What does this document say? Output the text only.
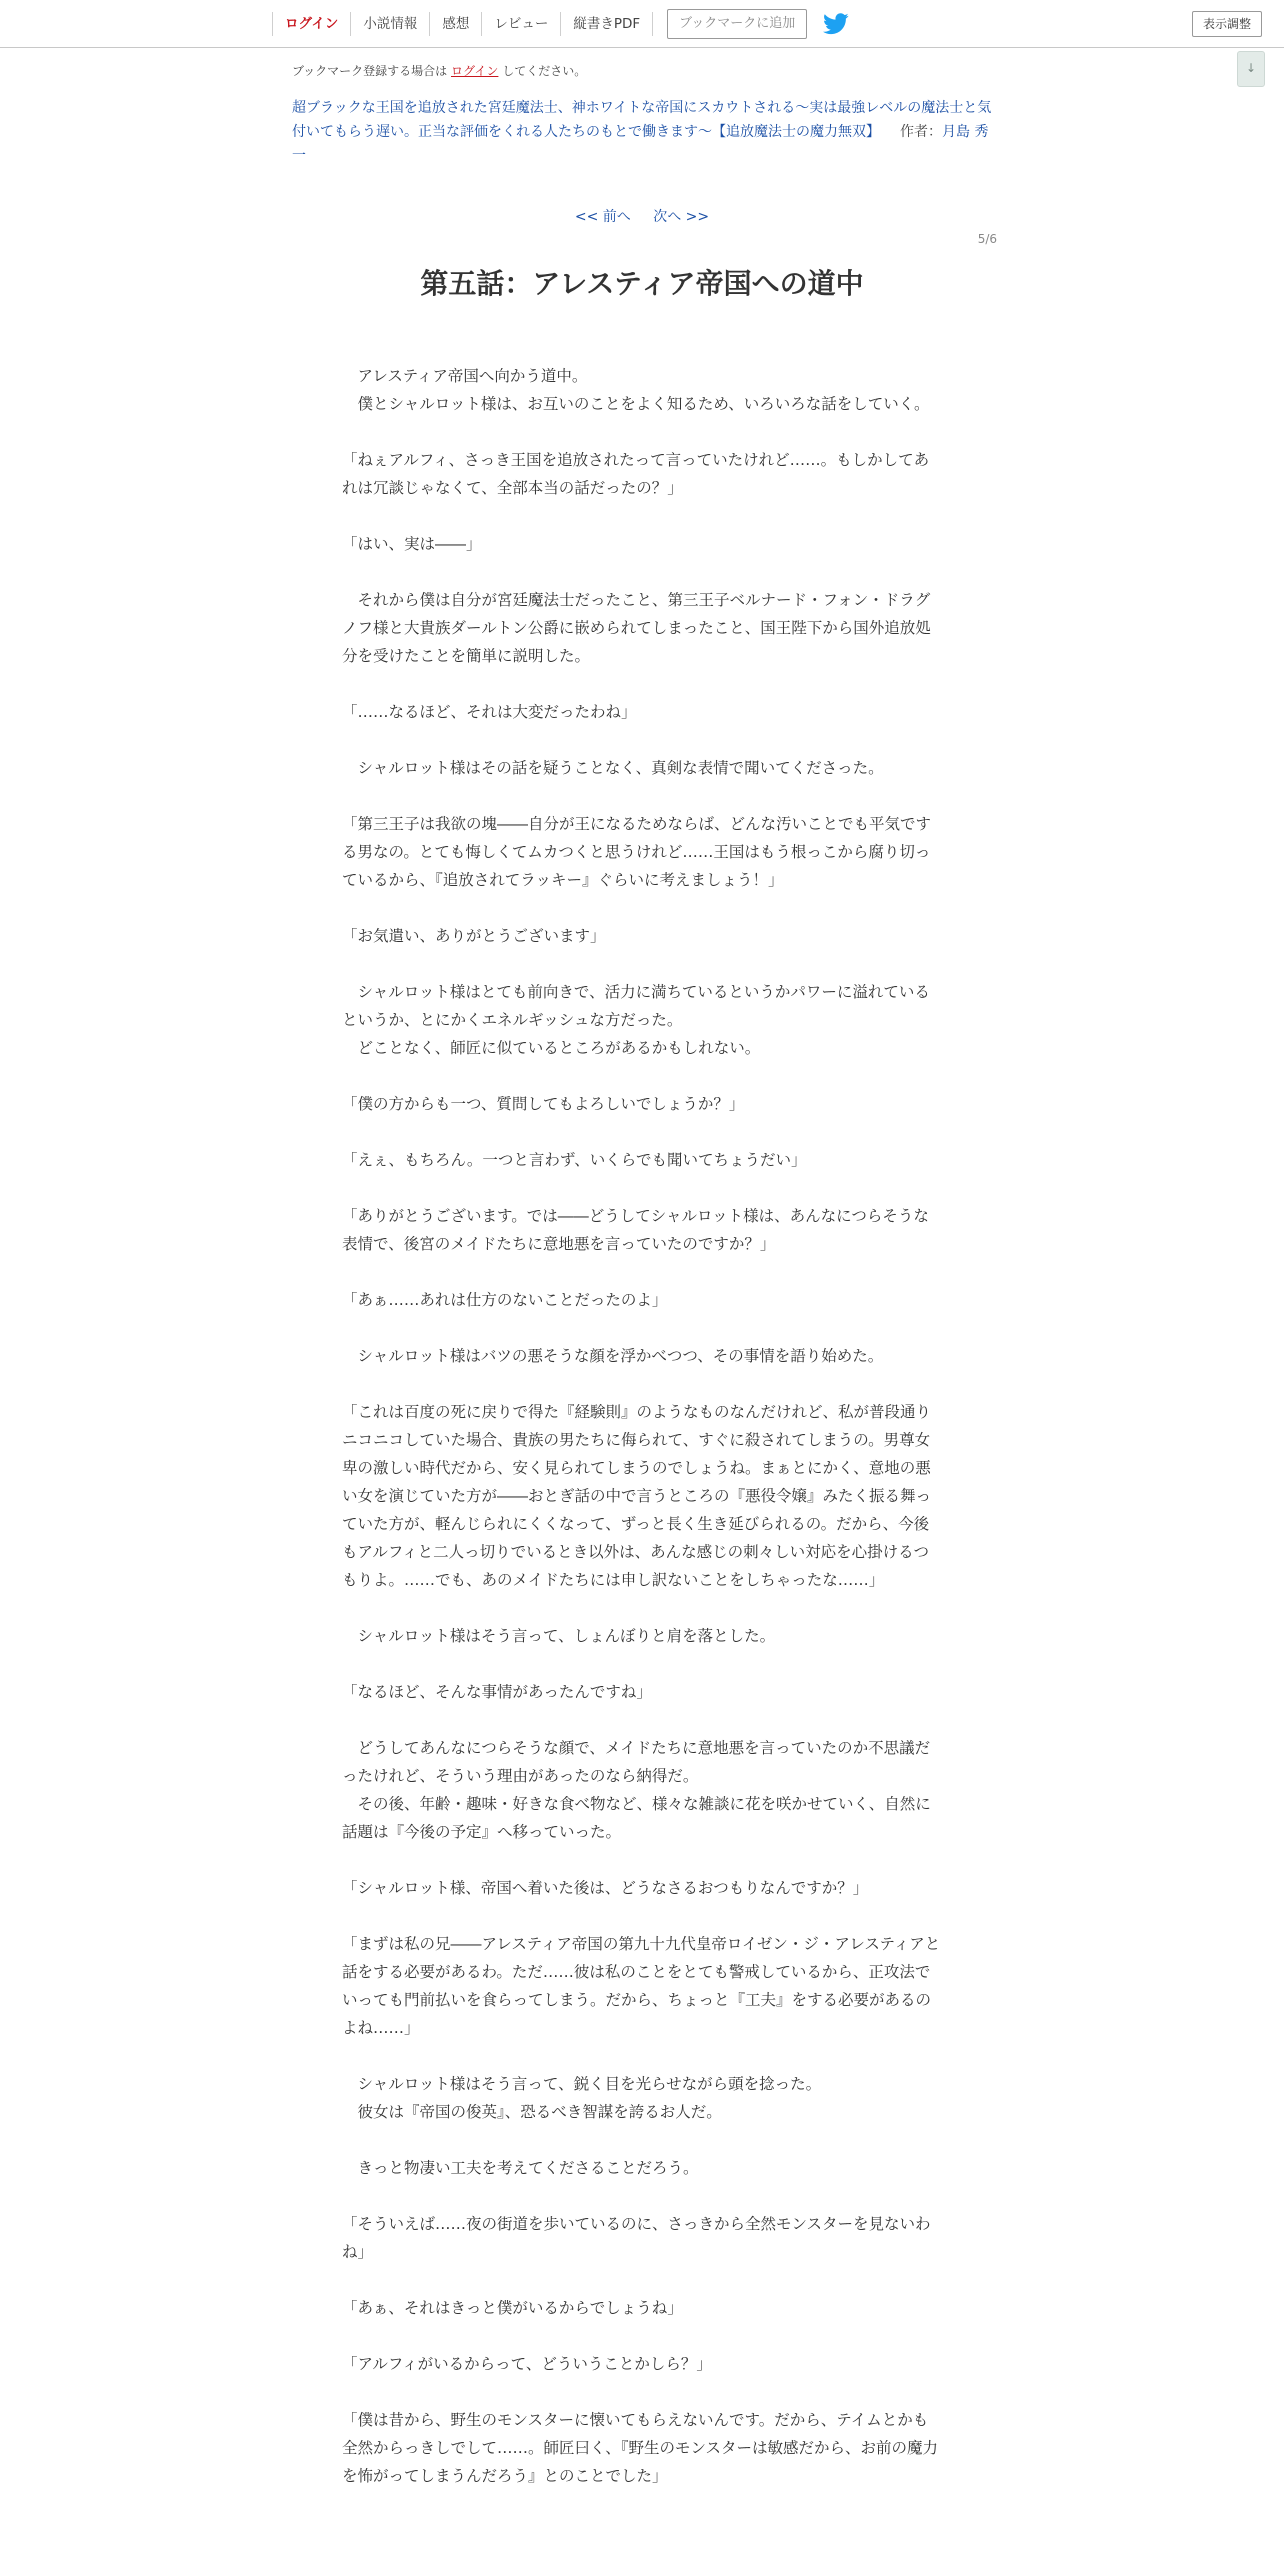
ログイン	小説情報	感想	レビュー	縦書きPDF	ブックマークに追加	表示調整
↓
ブックマーク登録する場合は ログイン してください。
超ブラックな王国を追放された宮廷魔法士、神ホワイトな帝国にスカウトされる～実は最強レベルの魔法士と気付いてもらう遅い。正当な評価をくれる人たちのもとで働きます～【追放魔法士の魔力無双】 作者：月島 秀一
<< 前へ 次へ >>
5/6
第五話：アレスティア帝国への道中

　アレスティア帝国へ向かう道中。

　僕とシャルロット様は、お互いのことをよく知るため、いろいろな話をしていく。

「ねぇアルフィ、さっき王国を追放されたって言っていたけれど……。もしかしてあれは冗談じゃなくて、全部本当の話だったの？」

「はい、実は――」

　それから僕は自分が宮廷魔法士だったこと、第三王子ベルナード・フォン・ドラグノフ様と大貴族ダールトン公爵に嵌められてしまったこと、国王陛下から国外追放処分を受けたことを簡単に説明した。

「……なるほど、それは大変だったわね」

　シャルロット様はその話を疑うことなく、真剣な表情で聞いてくださった。

「第三王子は我欲の塊――自分が王になるためならば、どんな汚いことでも平気でする男なの。とても悔しくてムカつくと思うけれど……王国はもう根っこから腐り切っているから、『追放されてラッキー』ぐらいに考えましょう！」

「お気遣い、ありがとうございます」

　シャルロット様はとても前向きで、活力に満ちているというかパワーに溢れているというか、とにかくエネルギッシュな方だった。

　どことなく、師匠に似ているところがあるかもしれない。

「僕の方からも一つ、質問してもよろしいでしょうか？」

「えぇ、もちろん。一つと言わず、いくらでも聞いてちょうだい」

「ありがとうございます。では――どうしてシャルロット様は、あんなにつらそうな表情で、後宮のメイドたちに意地悪を言っていたのですか？」

「あぁ……あれは仕方のないことだったのよ」

　シャルロット様はバツの悪そうな顔を浮かべつつ、その事情を語り始めた。

「これは百度の死に戻りで得た『経験則』のようなものなんだけれど、私が普段通りニコニコしていた場合、貴族の男たちに侮られて、すぐに殺されてしまうの。男尊女卑の激しい時代だから、安く見られてしまうのでしょうね。まぁとにかく、意地の悪い女を演じていた方が――おとぎ話の中で言うところの『悪役令嬢』みたく振る舞っていた方が、軽んじられにくくなって、ずっと長く生き延びられるの。だから、今後もアルフィと二人っ切りでいるとき以外は、あんな感じの刺々しい対応を心掛けるつもりよ。……でも、あのメイドたちには申し訳ないことをしちゃったな……」

　シャルロット様はそう言って、しょんぼりと肩を落とした。

「なるほど、そんな事情があったんですね」

　どうしてあんなにつらそうな顔で、メイドたちに意地悪を言っていたのか不思議だったけれど、そういう理由があったのなら納得だ。

　その後、年齢・趣味・好きな食べ物など、様々な雑談に花を咲かせていく、自然に話題は『今後の予定』へ移っていった。

「シャルロット様、帝国へ着いた後は、どうなさるおつもりなんですか？」

「まずは私の兄――アレスティア帝国の第九十九代皇帝ロイゼン・ジ・アレスティアと話をする必要があるわ。ただ……彼は私のことをとても警戒しているから、正攻法でいっても門前払いを食らってしまう。だから、ちょっと『工夫』をする必要があるのよね……」

　シャルロット様はそう言って、鋭く目を光らせながら頭を捻った。

　彼女は『帝国の俊英』、恐るべき智謀を誇るお人だ。

　きっと物凄い工夫を考えてくださることだろう。

「そういえば……夜の街道を歩いているのに、さっきから全然モンスターを見ないわね」

「あぁ、それはきっと僕がいるからでしょうね」

「アルフィがいるからって、どういうことかしら？」

「僕は昔から、野生のモンスターに懐いてもらえないんです。だから、テイムとかも全然からっきしでして……。師匠曰く、『野生のモンスターは敏感だから、お前の魔力を怖がってしまうんだろう』とのことでした」
